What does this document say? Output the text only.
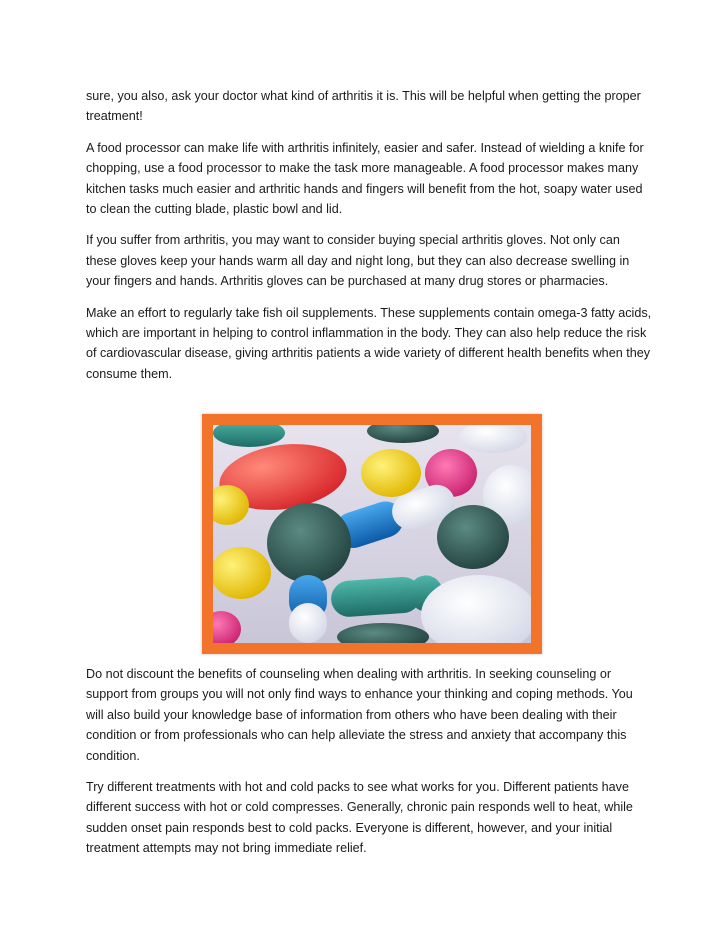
sure, you also, ask your doctor what kind of arthritis it is. This will be helpful when getting the proper treatment!

A food processor can make life with arthritis infinitely, easier and safer. Instead of wielding a knife for chopping, use a food processor to make the task more manageable. A food processor makes many kitchen tasks much easier and arthritic hands and fingers will benefit from the hot, soapy water used to clean the cutting blade, plastic bowl and lid.

If you suffer from arthritis, you may want to consider buying special arthritis gloves. Not only can these gloves keep your hands warm all day and night long, but they can also decrease swelling in your fingers and hands. Arthritis gloves can be purchased at many drug stores or pharmacies.

Make an effort to regularly take fish oil supplements. These supplements contain omega-3 fatty acids, which are important in helping to control inflammation in the body. They can also help reduce the risk of cardiovascular disease, giving arthritis patients a wide variety of different health benefits when they consume them.

Do not discount the benefits of counseling when dealing with arthritis. In seeking counseling or support from groups you will not only find ways to enhance your thinking and coping methods. You will also build your knowledge base of information from others who have been dealing with their condition or from professionals who can help alleviate the stress and anxiety that accompany this condition.

Try different treatments with hot and cold packs to see what works for you. Different patients have different success with hot or cold compresses. Generally, chronic pain responds well to heat, while sudden onset pain responds best to cold packs. Everyone is different, however, and your initial treatment attempts may not bring immediate relief.
